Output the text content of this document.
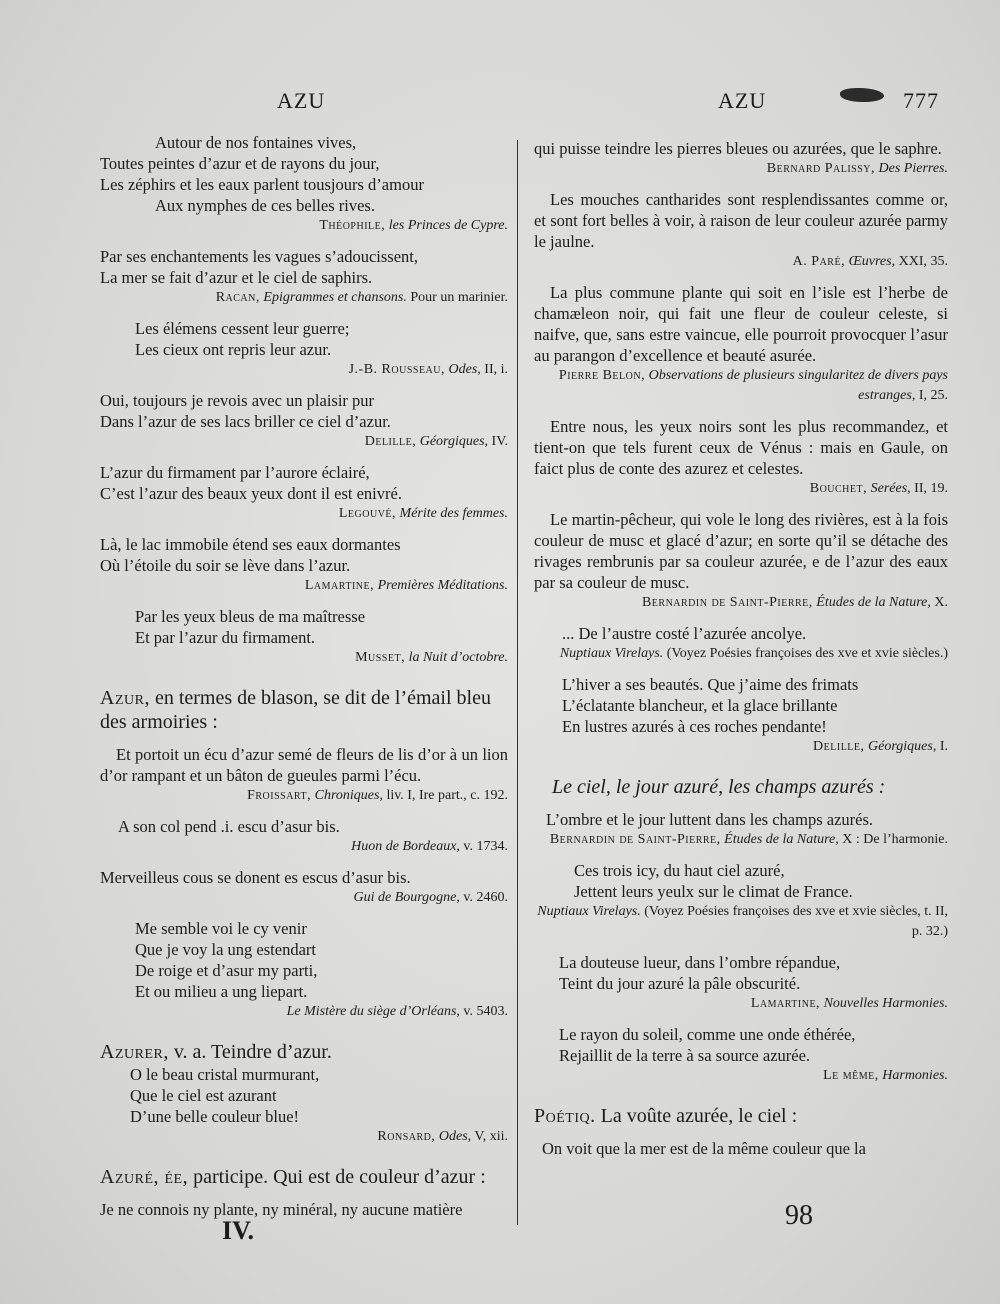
AZU	AZU	777

Autour de nos fontaines vives,

Toutes peintes d’azur et de rayons du jour,

Les zéphirs et les eaux parlent tousjours d’amour

Aux nymphes de ces belles rives.

Théophile, les Princes de Cypre.

Par ses enchantements les vagues s’adoucissent,

La mer se fait d’azur et le ciel de saphirs.

Racan, Epigrammes et chansons. Pour un marinier.

Les élémens cessent leur guerre;

Les cieux ont repris leur azur.

J.-B. Rousseau, Odes, II, i.

Oui, toujours je revois avec un plaisir pur

Dans l’azur de ses lacs briller ce ciel d’azur.

Delille, Géorgiques, IV.

L’azur du firmament par l’aurore éclairé,

C’est l’azur des beaux yeux dont il est enivré.

Legouvé, Mérite des femmes.

Là, le lac immobile étend ses eaux dormantes

Où l’étoile du soir se lève dans l’azur.

Lamartine, Premières Méditations.

Par les yeux bleus de ma maîtresse

Et par l’azur du firmament.

Musset, la Nuit d’octobre.

Azur, en termes de blason, se dit de l’émail bleu des armoiries :

Et portoit un écu d’azur semé de fleurs de lis d’or à un lion d’or rampant et un bâton de gueules parmi l’écu.

Froissart, Chroniques, liv. I, Ire part., c. 192.

A son col pend .i. escu d’asur bis.

Huon de Bordeaux, v. 1734.

Merveilleus cous se donent es escus d’asur bis.

Gui de Bourgogne, v. 2460.

Me semble voi le cy venir

Que je voy la ung estendart

De roige et d’asur my parti,

Et ou milieu a ung liepart.

Le Mistère du siège d’Orléans, v. 5403.

Azurer, v. a. Teindre d’azur.

O le beau cristal murmurant,

Que le ciel est azurant

D’une belle couleur blue!

Ronsard, Odes, V, xii.

Azuré, ée, participe. Qui est de couleur d’azur :

Je ne connois ny plante, ny minéral, ny aucune matière

qui puisse teindre les pierres bleues ou azurées, que le saphre.

Bernard Palissy, Des Pierres.

Les mouches cantharides sont resplendissantes comme or, et sont fort belles à voir, à raison de leur couleur azurée parmy le jaulne.

A. Paré, Œuvres, XXI, 35.

La plus commune plante qui soit en l’isle est l’herbe de chamæleon noir, qui fait une fleur de couleur celeste, si naifve, que, sans estre vaincue, elle pourroit provocquer l’asur au parangon d’excellence et beauté asurée.

Pierre Belon, Observations de plusieurs singularitez de divers pays estranges, I, 25.

Entre nous, les yeux noirs sont les plus recommandez, et tient-on que tels furent ceux de Vénus : mais en Gaule, on faict plus de conte des azurez et celestes.

Bouchet, Serées, II, 19.

Le martin-pêcheur, qui vole le long des rivières, est à la fois couleur de musc et glacé d’azur; en sorte qu’il se détache des rivages rembrunis par sa couleur azurée, e de l’azur des eaux par sa couleur de musc.

Bernardin de Saint-Pierre, Études de la Nature, X.

... De l’austre costé l’azurée ancolye.

Nuptiaux Virelays. (Voyez Poésies françoises des xve et xvie siècles.)

L’hiver a ses beautés. Que j’aime des frimats

L’éclatante blancheur, et la glace brillante

En lustres azurés à ces roches pendante!

Delille, Géorgiques, I.

Le ciel, le jour azuré, les champs azurés :

L’ombre et le jour luttent dans les champs azurés.

Bernardin de Saint-Pierre, Études de la Nature, X : De l’harmonie.

Ces trois icy, du haut ciel azuré,

Jettent leurs yeulx sur le climat de France.

Nuptiaux Virelays. (Voyez Poésies françoises des xve et xvie siècles, t. II, p. 32.)

La douteuse lueur, dans l’ombre répandue,

Teint du jour azuré la pâle obscurité.

Lamartine, Nouvelles Harmonies.

Le rayon du soleil, comme une onde éthérée,

Rejaillit de la terre à sa source azurée.

Le même, Harmonies.

Poétiq. La voûte azurée, le ciel :

On voit que la mer est de la même couleur que la

IV.	98
